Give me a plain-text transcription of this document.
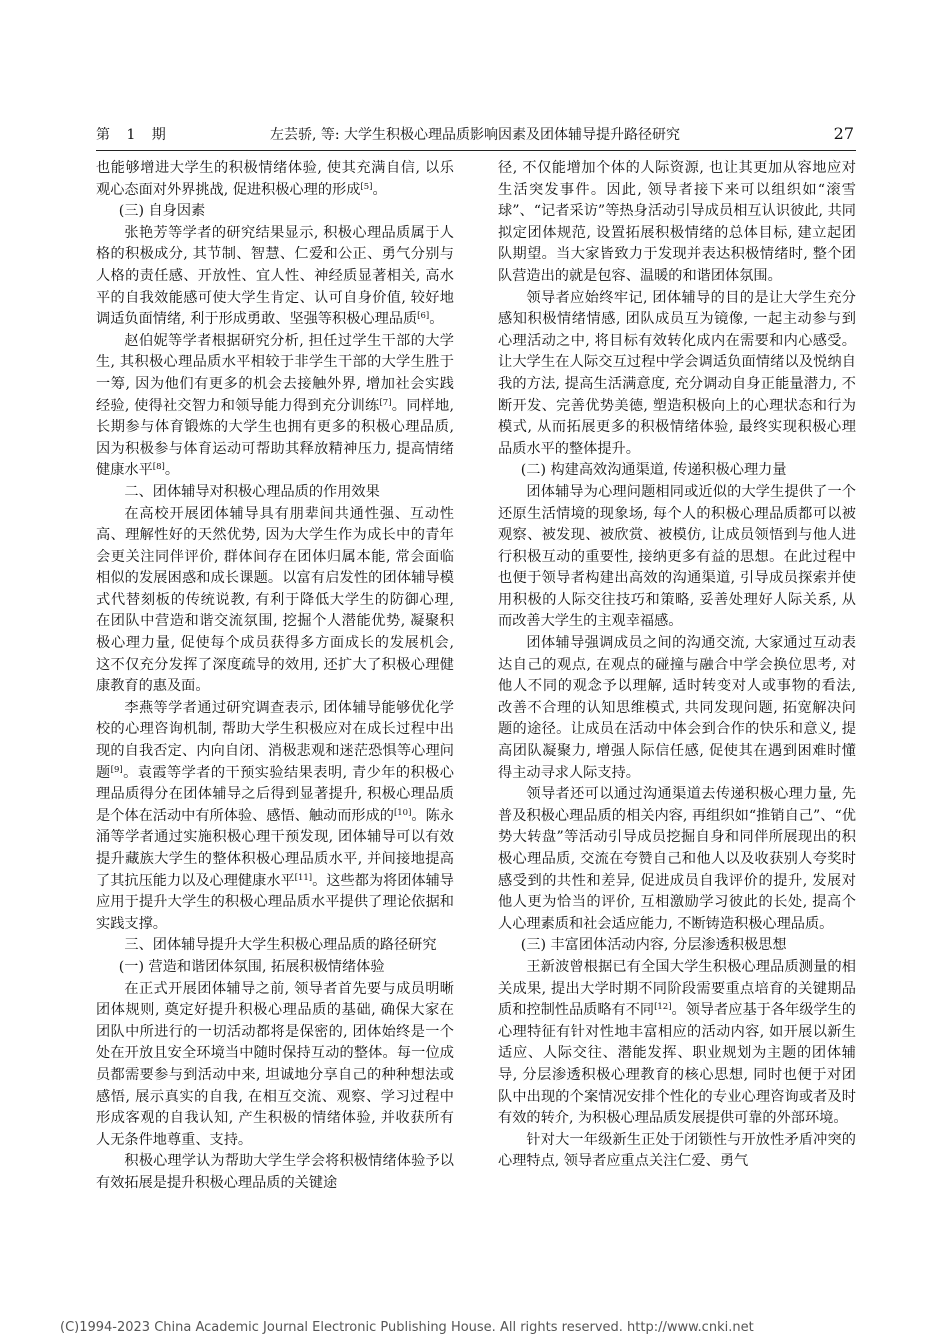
第 1 期	左芸骄, 等: 大学生积极心理品质影响因素及团体辅导提升路径研究	27

也能够增进大学生的积极情绪体验, 使其充满自信, 以乐观心态面对外界挑战, 促进积极心理的形成[5]。

(三) 自身因素

张艳芳等学者的研究结果显示, 积极心理品质属于人格的积极成分, 其节制、智慧、仁爱和公正、勇气分别与人格的责任感、开放性、宜人性、神经质显著相关, 高水平的自我效能感可使大学生肯定、认可自身价值, 较好地调适负面情绪, 利于形成勇敢、坚强等积极心理品质[6]。

赵伯妮等学者根据研究分析, 担任过学生干部的大学生, 其积极心理品质水平相较于非学生干部的大学生胜于一筹, 因为他们有更多的机会去接触外界, 增加社会实践经验, 使得社交智力和领导能力得到充分训练[7]。同样地, 长期参与体育锻炼的大学生也拥有更多的积极心理品质, 因为积极参与体育运动可帮助其释放精神压力, 提高情绪健康水平[8]。

二、团体辅导对积极心理品质的作用效果

在高校开展团体辅导具有朋辈间共通性强、互动性高、理解性好的天然优势, 因为大学生作为成长中的青年会更关注同伴评价, 群体间存在团体归属本能, 常会面临相似的发展困惑和成长课题。以富有启发性的团体辅导模式代替刻板的传统说教, 有利于降低大学生的防御心理, 在团队中营造和谐交流氛围, 挖掘个人潜能优势, 凝聚积极心理力量, 促使每个成员获得多方面成长的发展机会, 这不仅充分发挥了深度疏导的效用, 还扩大了积极心理健康教育的惠及面。

李燕等学者通过研究调查表示, 团体辅导能够优化学校的心理咨询机制, 帮助大学生积极应对在成长过程中出现的自我否定、内向自闭、消极悲观和迷茫恐惧等心理问题[9]。袁霞等学者的干预实验结果表明, 青少年的积极心理品质得分在团体辅导之后得到显著提升, 积极心理品质是个体在活动中有所体验、感悟、触动而形成的[10]。陈永涌等学者通过实施积极心理干预发现, 团体辅导可以有效提升藏族大学生的整体积极心理品质水平, 并间接地提高了其抗压能力以及心理健康水平[11]。这些都为将团体辅导应用于提升大学生的积极心理品质水平提供了理论依据和实践支撑。

三、团体辅导提升大学生积极心理品质的路径研究
(一) 营造和谐团体氛围, 拓展积极情绪体验

在正式开展团体辅导之前, 领导者首先要与成员明晰团体规则, 奠定好提升积极心理品质的基础, 确保大家在团队中所进行的一切活动都将是保密的, 团体始终是一个处在开放且安全环境当中随时保持互动的整体。每一位成员都需要参与到活动中来, 坦诚地分享自己的种种想法或感悟, 展示真实的自我, 在相互交流、观察、学习过程中形成客观的自我认知, 产生积极的情绪体验, 并收获所有人无条件地尊重、支持。

积极心理学认为帮助大学生学会将积极情绪体验予以有效拓展是提升积极心理品质的关键途

径, 不仅能增加个体的人际资源, 也让其更加从容地应对生活突发事件。因此, 领导者接下来可以组织如“滚雪球”、“记者采访”等热身活动引导成员相互认识彼此, 共同拟定团体规范, 设置拓展积极情绪的总体目标, 建立起团队期望。当大家皆致力于发现并表达积极情绪时, 整个团队营造出的就是包容、温暖的和谐团体氛围。

领导者应始终牢记, 团体辅导的目的是让大学生充分感知积极情绪情感, 团队成员互为镜像, 一起主动参与到心理活动之中, 将目标有效转化成内在需要和内心感受。让大学生在人际交互过程中学会调适负面情绪以及悦纳自我的方法, 提高生活满意度, 充分调动自身正能量潜力, 不断开发、完善优势美德, 塑造积极向上的心理状态和行为模式, 从而拓展更多的积极情绪体验, 最终实现积极心理品质水平的整体提升。

(二) 构建高效沟通渠道, 传递积极心理力量

团体辅导为心理问题相同或近似的大学生提供了一个还原生活情境的现象场, 每个人的积极心理品质都可以被观察、被发现、被欣赏、被模仿, 让成员领悟到与他人进行积极互动的重要性, 接纳更多有益的思想。在此过程中也便于领导者构建出高效的沟通渠道, 引导成员探索并使用积极的人际交往技巧和策略, 妥善处理好人际关系, 从而改善大学生的主观幸福感。

团体辅导强调成员之间的沟通交流, 大家通过互动表达自己的观点, 在观点的碰撞与融合中学会换位思考, 对他人不同的观念予以理解, 适时转变对人或事物的看法, 改善不合理的认知思维模式, 共同发现问题, 拓宽解决问题的途径。让成员在活动中体会到合作的快乐和意义, 提高团队凝聚力, 增强人际信任感, 促使其在遇到困难时懂得主动寻求人际支持。

领导者还可以通过沟通渠道去传递积极心理力量, 先普及积极心理品质的相关内容, 再组织如“推销自己”、“优势大转盘”等活动引导成员挖掘自身和同伴所展现出的积极心理品质, 交流在夸赞自己和他人以及收获别人夸奖时感受到的共性和差异, 促进成员自我评价的提升, 发展对他人更为恰当的评价, 互相激励学习彼此的长处, 提高个人心理素质和社会适应能力, 不断铸造积极心理品质。

(三) 丰富团体活动内容, 分层渗透积极思想

王新波曾根据已有全国大学生积极心理品质测量的相关成果, 提出大学时期不同阶段需要重点培育的关键期品质和控制性品质略有不同[12]。领导者应基于各年级学生的心理特征有针对性地丰富相应的活动内容, 如开展以新生适应、人际交往、潜能发挥、职业规划为主题的团体辅导, 分层渗透积极心理教育的核心思想, 同时也便于对团队中出现的个案情况安排个性化的专业心理咨询或者及时有效的转介, 为积极心理品质发展提供可靠的外部环境。

针对大一年级新生正处于闭锁性与开放性矛盾冲突的心理特点, 领导者应重点关注仁爱、勇气

(C)1994-2023 China Academic Journal Electronic Publishing House. All rights reserved. http://www.cnki.net
